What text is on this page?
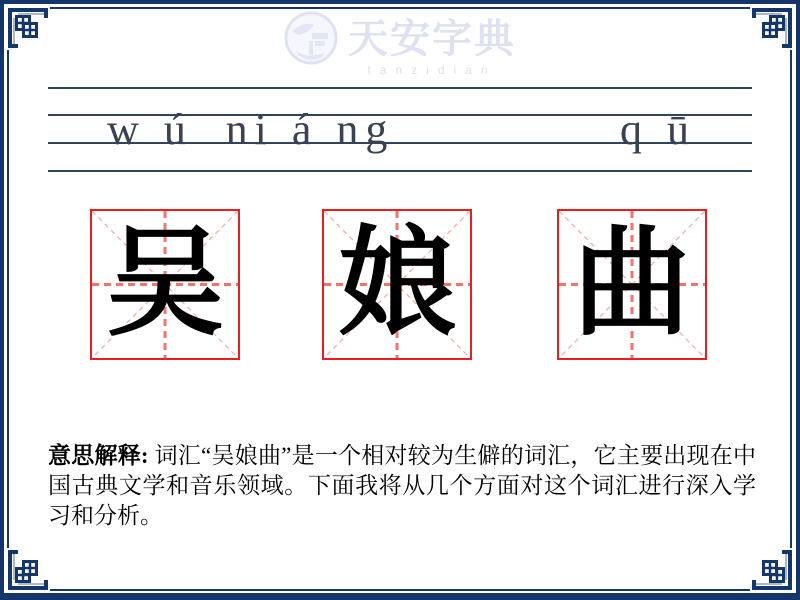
天安字典
tanzidian
w ú ni á ng	q ū
吴 娘 曲

意思解释: 词汇“吴娘曲”是一个相对较为生僻的词汇，它主要出现在中国古典文学和音乐领域。下面我将从几个方面对这个词汇进行深入学习和分析。
